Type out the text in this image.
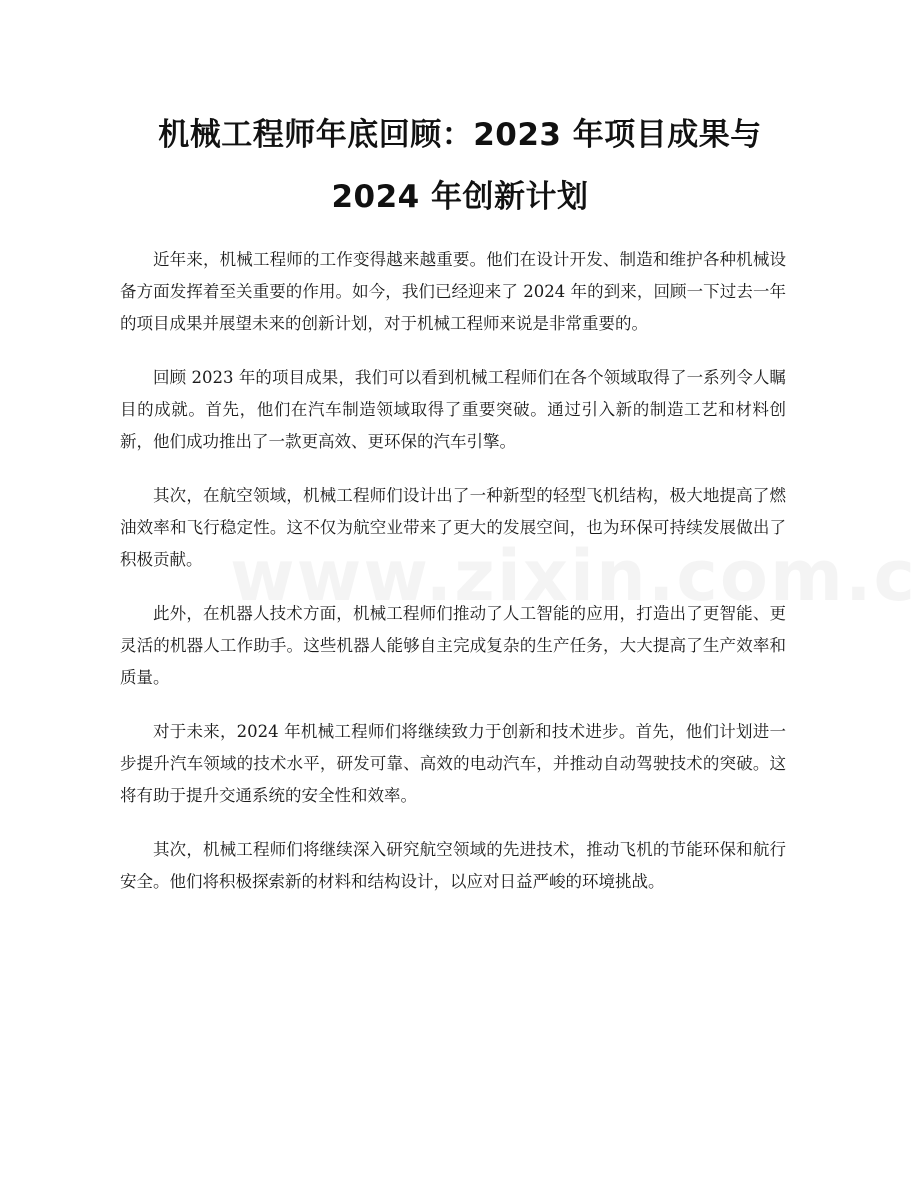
机械工程师年底回顾：2023 年项目成果与
2024 年创新计划

近年来，机械工程师的工作变得越来越重要。他们在设计开发、制造和维护各种机械设备方面发挥着至关重要的作用。如今，我们已经迎来了 2024 年的到来，回顾一下过去一年的项目成果并展望未来的创新计划，对于机械工程师来说是非常重要的。

回顾 2023 年的项目成果，我们可以看到机械工程师们在各个领域取得了一系列令人瞩目的成就。首先，他们在汽车制造领域取得了重要突破。通过引入新的制造工艺和材料创新，他们成功推出了一款更高效、更环保的汽车引擎。

其次，在航空领域，机械工程师们设计出了一种新型的轻型飞机结构，极大地提高了燃油效率和飞行稳定性。这不仅为航空业带来了更大的发展空间，也为环保可持续发展做出了积极贡献。

此外，在机器人技术方面，机械工程师们推动了人工智能的应用，打造出了更智能、更灵活的机器人工作助手。这些机器人能够自主完成复杂的生产任务，大大提高了生产效率和质量。

对于未来，2024 年机械工程师们将继续致力于创新和技术进步。首先，他们计划进一步提升汽车领域的技术水平，研发可靠、高效的电动汽车，并推动自动驾驶技术的突破。这将有助于提升交通系统的安全性和效率。

其次，机械工程师们将继续深入研究航空领域的先进技术，推动飞机的节能环保和航行安全。他们将积极探索新的材料和结构设计，以应对日益严峻的环境挑战。
